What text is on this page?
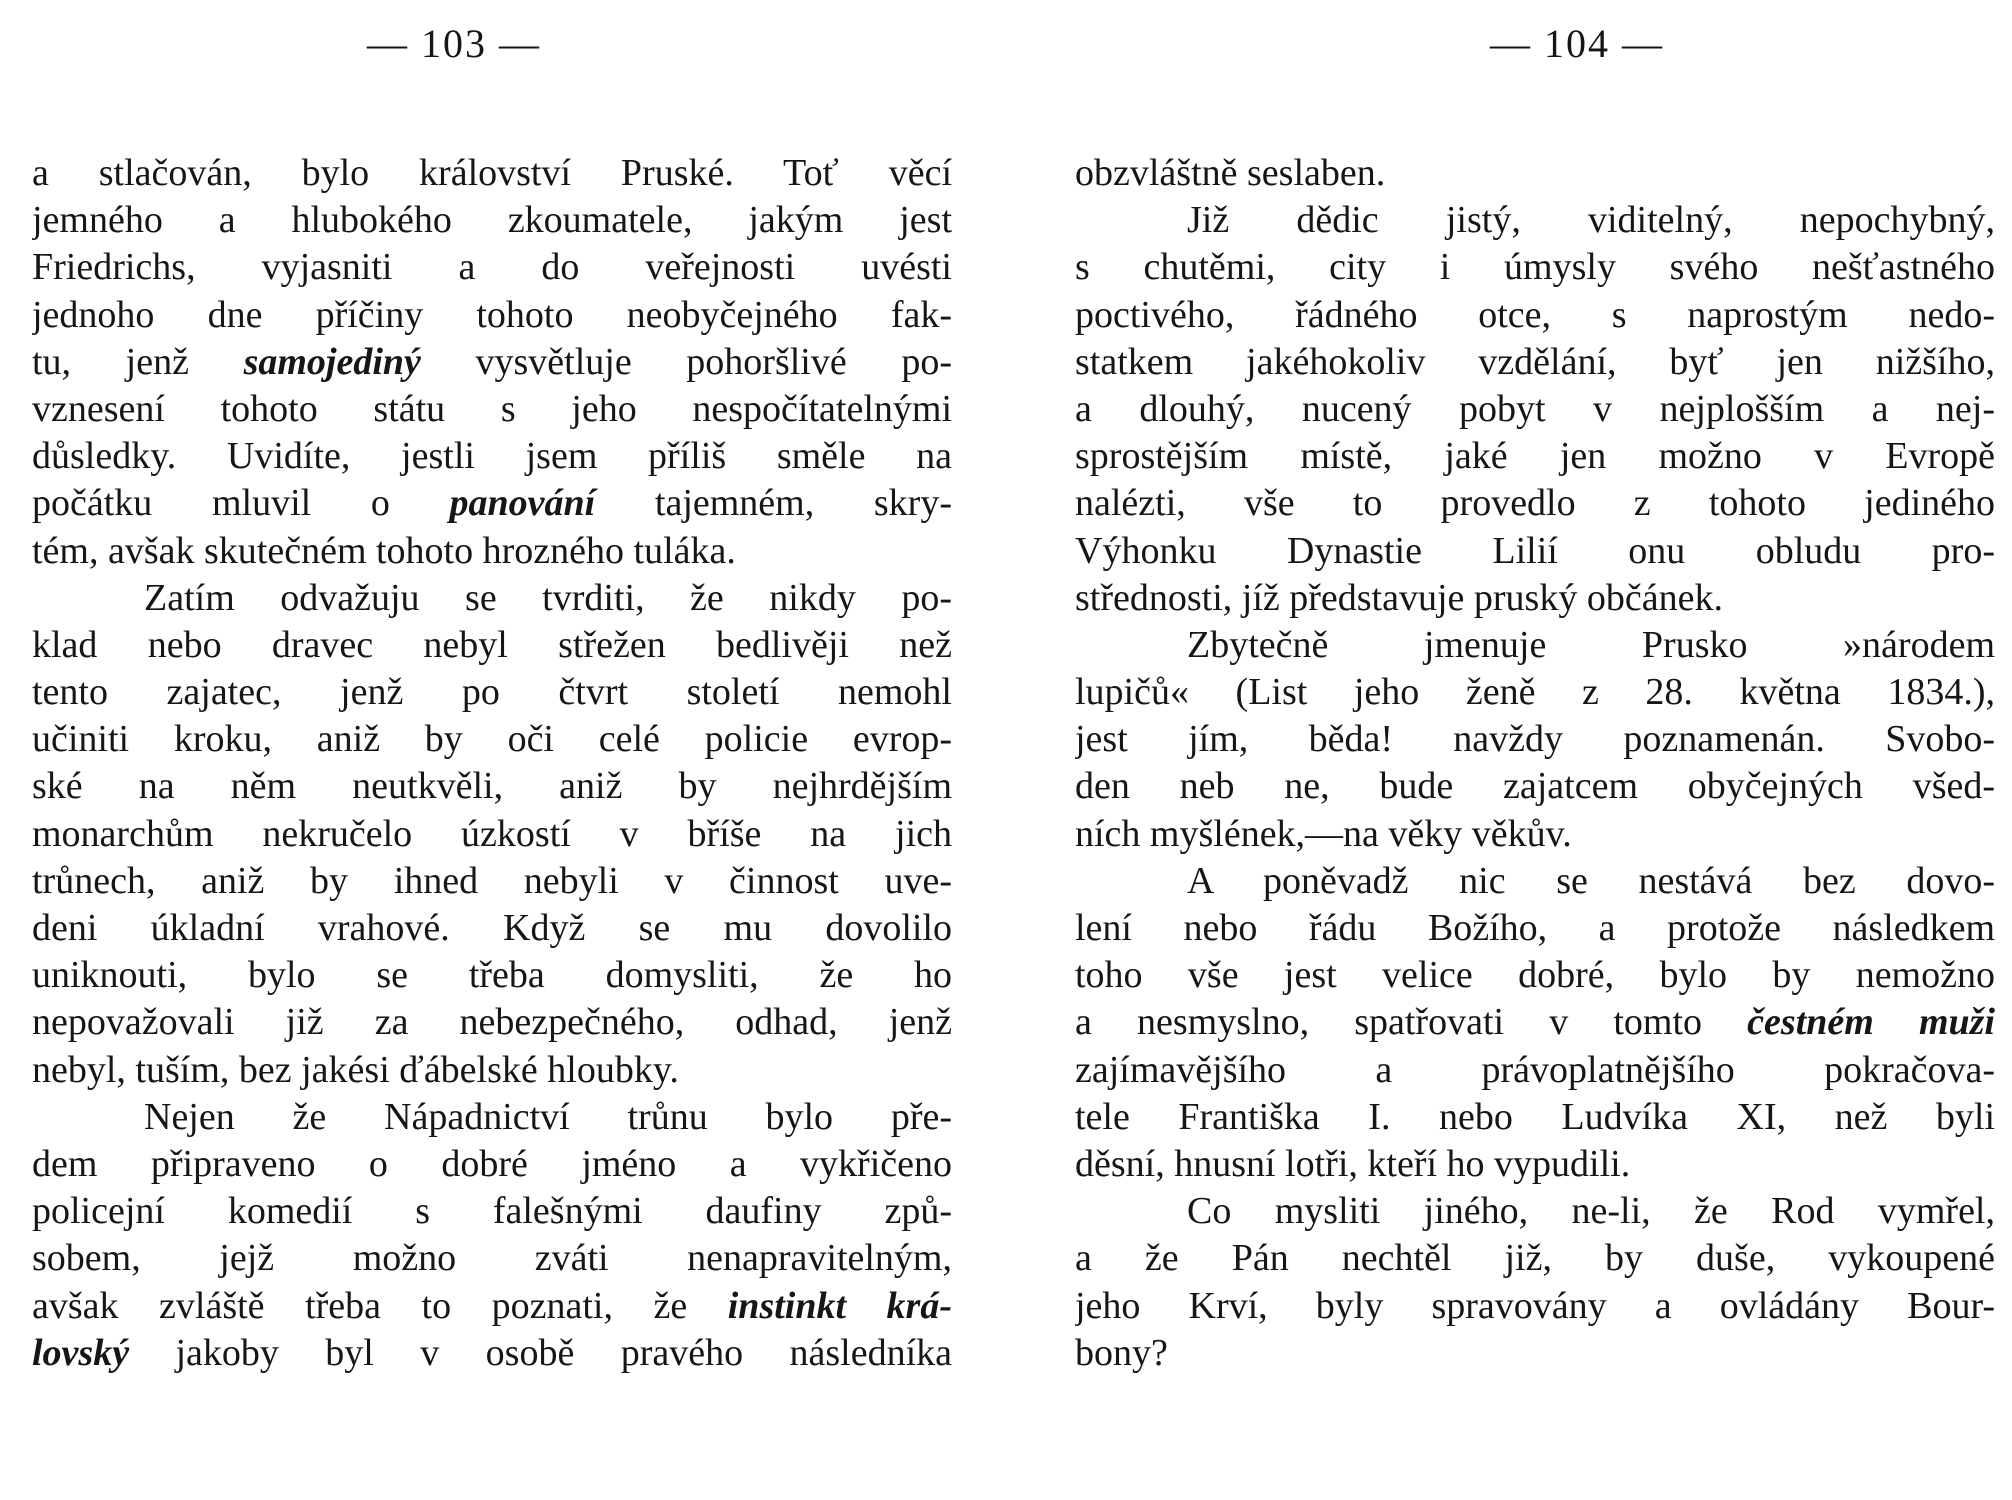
— 103 —
a stlačován, bylo království Pruské. Toť věcí
jemného a hlubokého zkoumatele, jakým jest
Friedrichs, vyjasniti a do veřejnosti uvésti
jednoho dne příčiny tohoto neobyčejného fak-
tu, jenž samojediný vysvětluje pohoršlivé po-
vznesení tohoto státu s jeho nespočítatelnými
důsledky. Uvidíte, jestli jsem příliš směle na
počátku mluvil o panování tajemném, skry-
tém, avšak skutečném tohoto hrozného tuláka.
Zatím odvažuju se tvrditi, že nikdy po-
klad nebo dravec nebyl střežen bedlivěji než
tento zajatec, jenž po čtvrt století nemohl
učiniti kroku, aniž by oči celé policie evrop-
ské na něm neutkvěli, aniž by nejhrdějším
monarchům nekručelo úzkostí v bříše na jich
trůnech, aniž by ihned nebyli v činnost uve-
deni úkladní vrahové. Když se mu dovolilo
uniknouti, bylo se třeba domysliti, že ho
nepovažovali již za nebezpečného, odhad, jenž
nebyl, tuším, bez jakési ďábelské hloubky.
Nejen že Nápadnictví trůnu bylo pře-
dem připraveno o dobré jméno a vykřičeno
policejní komedií s falešnými daufiny způ-
sobem, jejž možno zváti nenapravitelným,
avšak zvláště třeba to poznati, že instinkt krá-
lovský jakoby byl v osobě pravého následníka
— 104 —
obzvláštně seslaben.
Již dědic jistý, viditelný, nepochybný,
s chutěmi, city i úmysly svého nešťastného
poctivého, řádného otce, s naprostým nedo-
statkem jakéhokoliv vzdělání, byť jen nižšího,
a dlouhý, nucený pobyt v nejplošším a nej-
sprostějším místě, jaké jen možno v Evropě
nalézti, vše to provedlo z tohoto jediného
Výhonku Dynastie Lilií onu obludu pro-
střednosti, jíž představuje pruský občánek.
Zbytečně jmenuje Prusko »národem
lupičů« (List jeho ženě z 28. května 1834.),
jest jím, běda! navždy poznamenán. Svobo-
den neb ne, bude zajatcem obyčejných všed-
ních myšlének,—na věky věkův.
A poněvadž nic se nestává bez dovo-
lení nebo řádu Božího, a protože následkem
toho vše jest velice dobré, bylo by nemožno
a nesmyslno, spatřovati v tomto čestném muži
zajímavějšího a právoplatnějšího pokračova-
tele Františka I. nebo Ludvíka XI, než byli
děsní, hnusní lotři, kteří ho vypudili.
Co mysliti jiného, ne-li, že Rod vymřel,
a že Pán nechtěl již, by duše, vykoupené
jeho Krví, byly spravovány a ovládány Bour-
bony?
